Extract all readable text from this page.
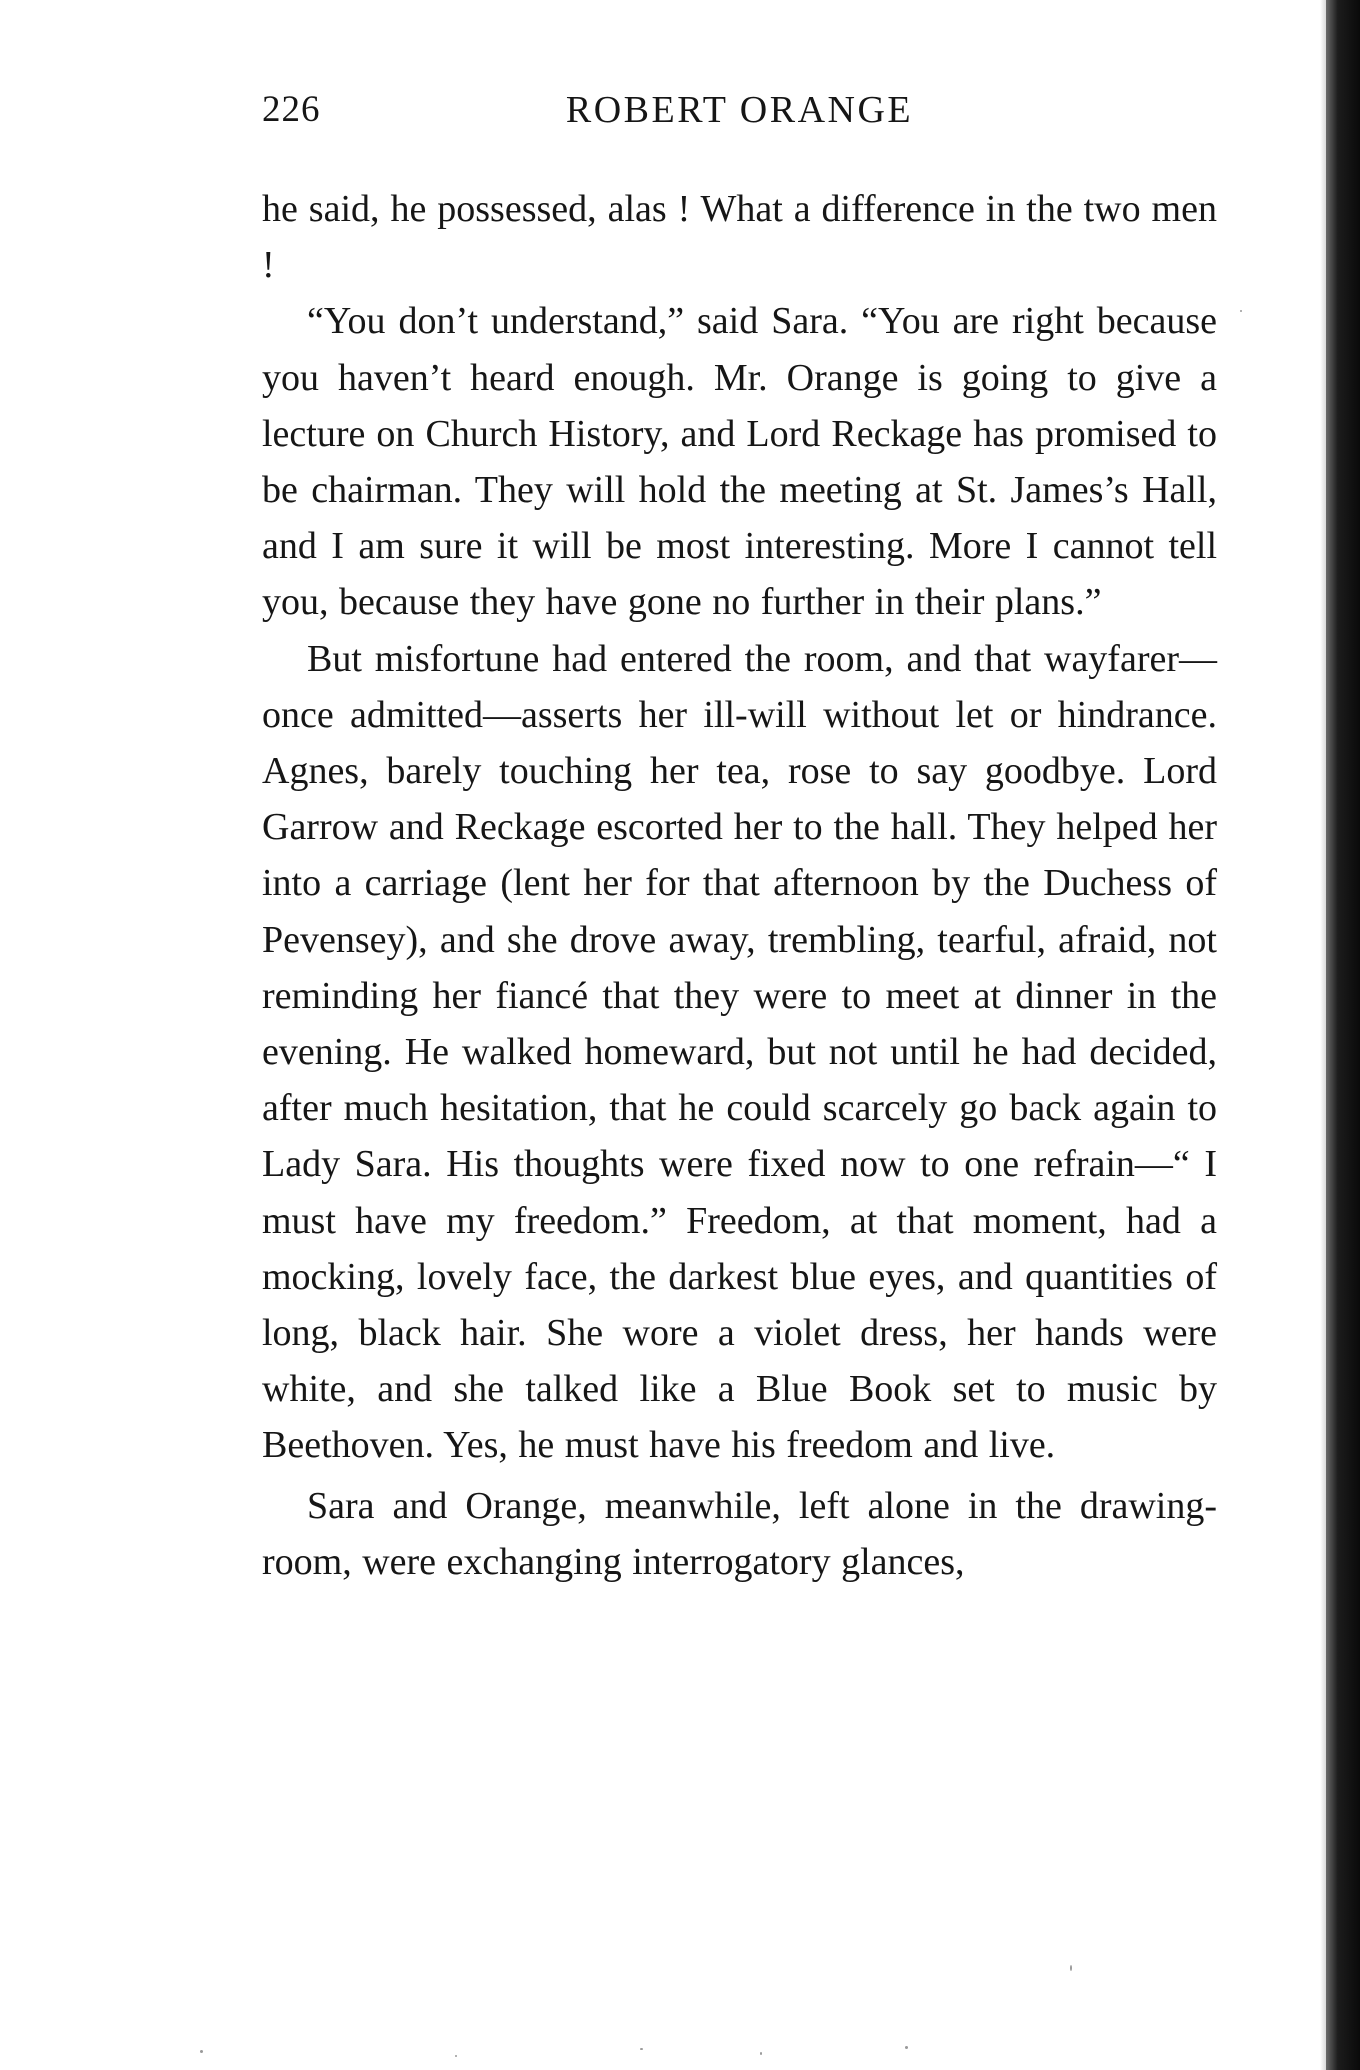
226	ROBERT ORANGE

he said, he possessed, alas ! What a difference in the two men !

“You don’t understand,” said Sara. “You are right because you haven’t heard enough. Mr. Orange is going to give a lecture on Church History, and Lord Reckage has promised to be chairman. They will hold the meeting at St. James’s Hall, and I am sure it will be most interesting. More I cannot tell you, because they have gone no further in their plans.”

But misfortune had entered the room, and that wayfarer—once admitted—asserts her ill-will without let or hindrance. Agnes, barely touching her tea, rose to say goodbye. Lord Garrow and Reckage escorted her to the hall. They helped her into a carriage (lent her for that afternoon by the Duchess of Pevensey), and she drove away, trembling, tearful, afraid, not reminding her fiancé that they were to meet at dinner in the evening. He walked homeward, but not until he had decided, after much hesitation, that he could scarcely go back again to Lady Sara. His thoughts were fixed now to one refrain—“ I must have my freedom.” Freedom, at that moment, had a mocking, lovely face, the darkest blue eyes, and quantities of long, black hair. She wore a violet dress, her hands were white, and she talked like a Blue Book set to music by Beethoven. Yes, he must have his freedom and live.

Sara and Orange, meanwhile, left alone in the drawing-room, were exchanging interrogatory glances,
